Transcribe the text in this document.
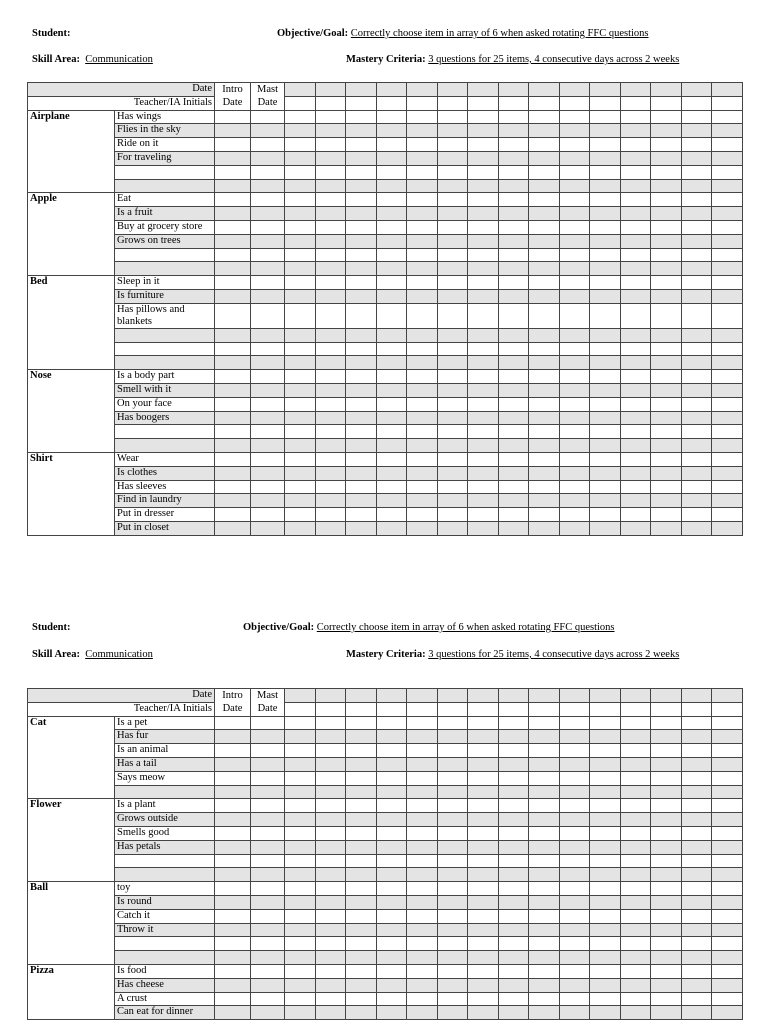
Student:	Objective/Goal: Correctly choose item in array of 6 when asked rotating FFC questions
Skill Area: Communication	Mastery Criteria: 3 questions for 25 items, 4 consecutive days across 2 weeks
Date		Intro Date	Mast Date															
Teacher/IA Initials																		
Airplane	Has wings																	
	Flies in the sky																	
	Ride on it																	
	For traveling																	

Apple	Eat																	
	Is a fruit																	
	Buy at grocery store																	
	Grows on trees																	

Bed	Sleep in it																	
	Is furniture																	
	Has pillows and blankets																	

Nose	Is a body part																	
	Smell with it																	
	On your face																	
	Has boogers																	

Shirt	Wear																	
	Is clothes																	
	Has sleeves																	
	Find in laundry																	
	Put in dresser																	
	Put in closet																	
Student:	Objective/Goal: Correctly choose item in array of 6 when asked rotating FFC questions
Skill Area: Communication	Mastery Criteria: 3 questions for 25 items, 4 consecutive days across 2 weeks
Date		Intro Date	Mast Date															
Teacher/IA Initials																		
Cat	Is a pet																	
	Has fur																	
	Is an animal																	
	Has a tail																	
	Says meow																	

Flower	Is a plant																	
	Grows outside																	
	Smells good																	
	Has petals																	

Ball	toy																	
	Is round																	
	Catch it																	
	Throw it																	

Pizza	Is food																	
	Has cheese																	
	A crust																	
	Can eat for dinner																	
